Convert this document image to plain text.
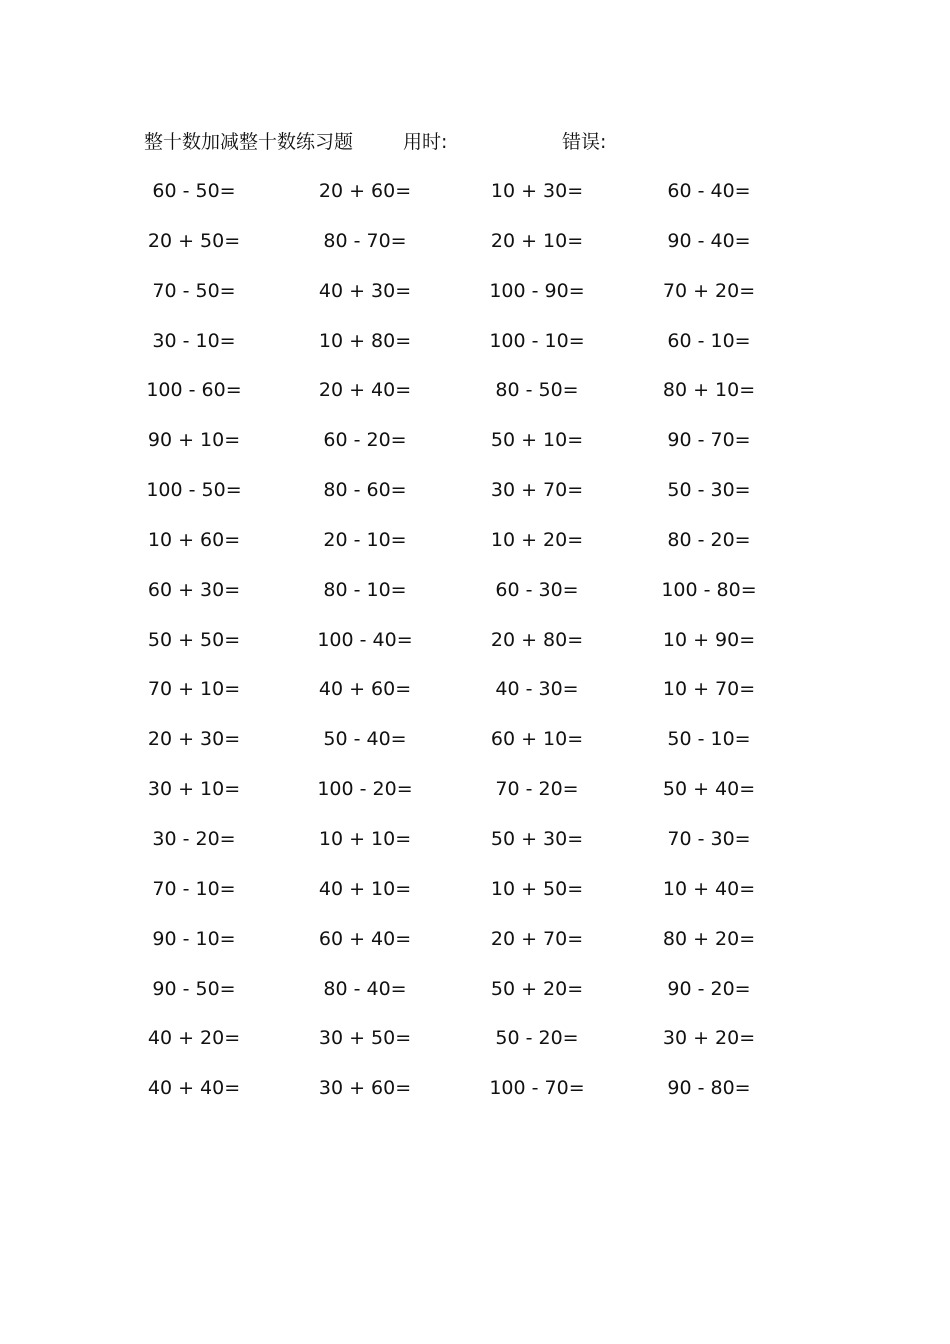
整十数加减整十数练习题	用时:	错误:
60 - 50=	20 + 60=	10 + 30=	60 - 40=
20 + 50=	80 - 70=	20 + 10=	90 - 40=
70 - 50=	40 + 30=	100 - 90=	70 + 20=
30 - 10=	10 + 80=	100 - 10=	60 - 10=
100 - 60=	20 + 40=	80 - 50=	80 + 10=
90 + 10=	60 - 20=	50 + 10=	90 - 70=
100 - 50=	80 - 60=	30 + 70=	50 - 30=
10 + 60=	20 - 10=	10 + 20=	80 - 20=
60 + 30=	80 - 10=	60 - 30=	100 - 80=
50 + 50=	100 - 40=	20 + 80=	10 + 90=
70 + 10=	40 + 60=	40 - 30=	10 + 70=
20 + 30=	50 - 40=	60 + 10=	50 - 10=
30 + 10=	100 - 20=	70 - 20=	50 + 40=
30 - 20=	10 + 10=	50 + 30=	70 - 30=
70 - 10=	40 + 10=	10 + 50=	10 + 40=
90 - 10=	60 + 40=	20 + 70=	80 + 20=
90 - 50=	80 - 40=	50 + 20=	90 - 20=
40 + 20=	30 + 50=	50 - 20=	30 + 20=
40 + 40=	30 + 60=	100 - 70=	90 - 80=
